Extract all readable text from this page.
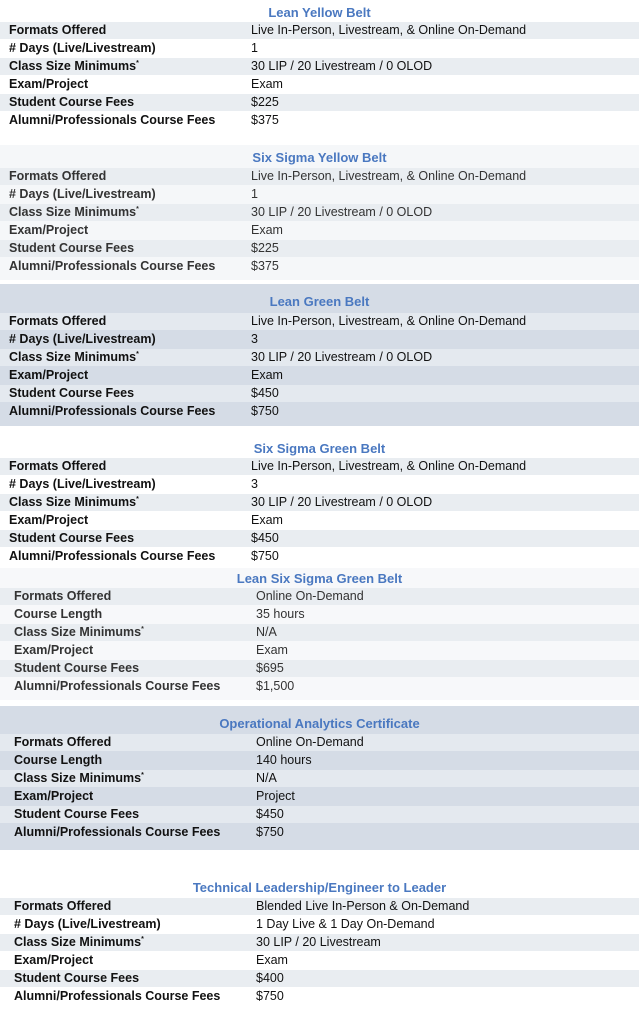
Lean Yellow Belt
Formats Offered	Live In-Person, Livestream, & Online On-Demand
# Days (Live/Livestream)	1
Class Size Minimums*	30 LIP / 20 Livestream / 0 OLOD
Exam/Project	Exam
Student Course Fees	$225
Alumni/Professionals Course Fees	$375
Six Sigma Yellow Belt
Formats Offered	Live In-Person, Livestream, & Online On-Demand
# Days (Live/Livestream)	1
Class Size Minimums*	30 LIP / 20 Livestream / 0 OLOD
Exam/Project	Exam
Student Course Fees	$225
Alumni/Professionals Course Fees	$375
Lean Green Belt
Formats Offered	Live In-Person, Livestream, & Online On-Demand
# Days (Live/Livestream)	3
Class Size Minimums*	30 LIP / 20 Livestream / 0 OLOD
Exam/Project	Exam
Student Course Fees	$450
Alumni/Professionals Course Fees	$750
Six Sigma Green Belt
Formats Offered	Live In-Person, Livestream, & Online On-Demand
# Days (Live/Livestream)	3
Class Size Minimums*	30 LIP / 20 Livestream / 0 OLOD
Exam/Project	Exam
Student Course Fees	$450
Alumni/Professionals Course Fees	$750
Lean Six Sigma Green Belt
Formats Offered	Online On-Demand
Course Length	35 hours
Class Size Minimums*	N/A
Exam/Project	Exam
Student Course Fees	$695
Alumni/Professionals Course Fees	$1,500
Operational Analytics Certificate
Formats Offered	Online On-Demand
Course Length	140 hours
Class Size Minimums*	N/A
Exam/Project	Project
Student Course Fees	$450
Alumni/Professionals Course Fees	$750
Technical Leadership/Engineer to Leader
Formats Offered	Blended Live In-Person & On-Demand
# Days (Live/Livestream)	1 Day Live & 1 Day On-Demand
Class Size Minimums*	30 LIP / 20 Livestream
Exam/Project	Exam
Student Course Fees	$400
Alumni/Professionals Course Fees	$750
